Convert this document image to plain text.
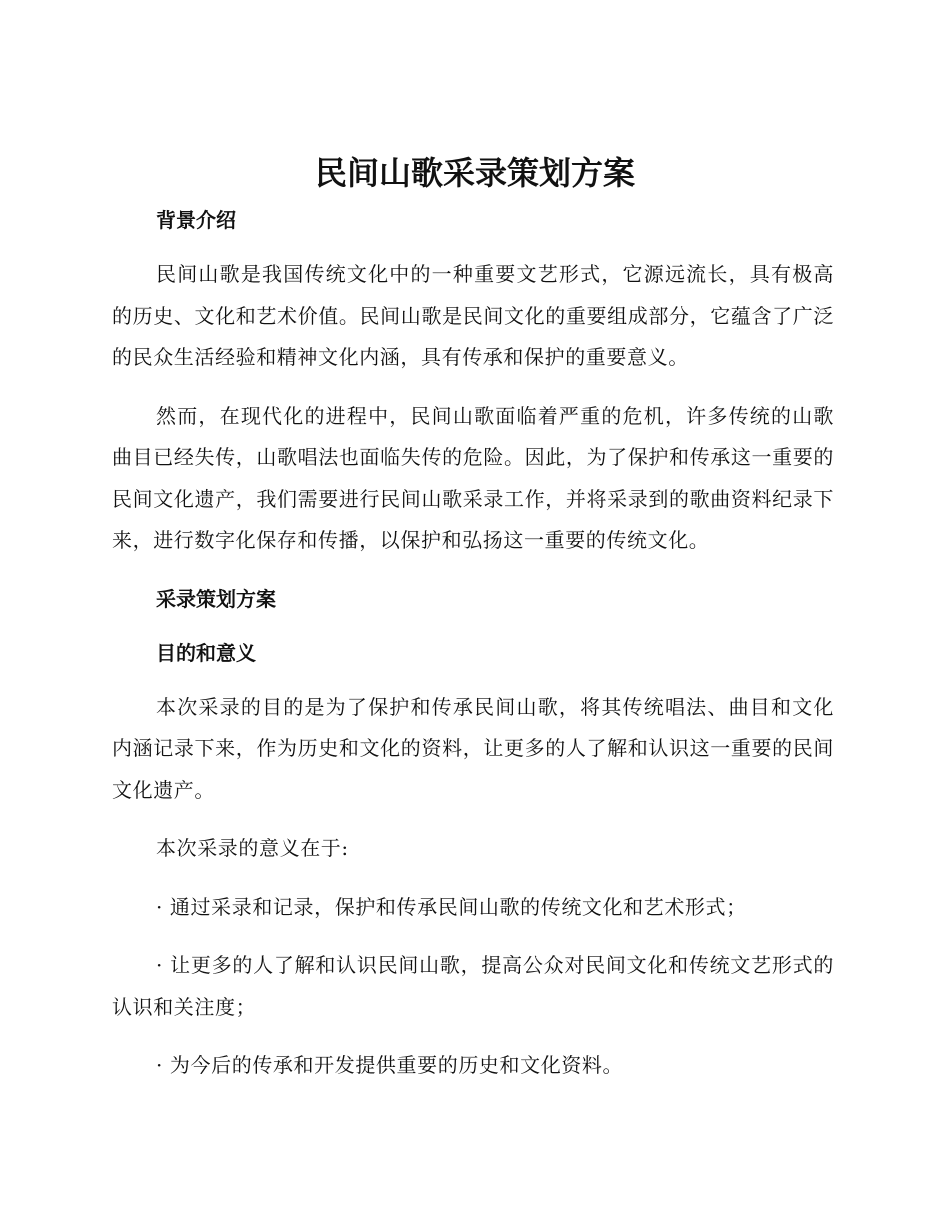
民间山歌采录策划方案
背景介绍

民间山歌是我国传统文化中的一种重要文艺形式，它源远流长，具有极高的历史、文化和艺术价值。民间山歌是民间文化的重要组成部分，它蕴含了广泛的民众生活经验和精神文化内涵，具有传承和保护的重要意义。

然而，在现代化的进程中，民间山歌面临着严重的危机，许多传统的山歌曲目已经失传，山歌唱法也面临失传的危险。因此，为了保护和传承这一重要的民间文化遗产，我们需要进行民间山歌采录工作，并将采录到的歌曲资料纪录下来，进行数字化保存和传播，以保护和弘扬这一重要的传统文化。

采录策划方案
目的和意义

本次采录的目的是为了保护和传承民间山歌，将其传统唱法、曲目和文化内涵记录下来，作为历史和文化的资料，让更多的人了解和认识这一重要的民间文化遗产。

本次采录的意义在于:

· 通过采录和记录，保护和传承民间山歌的传统文化和艺术形式；

· 让更多的人了解和认识民间山歌，提高公众对民间文化和传统文艺形式的认识和关注度；

· 为今后的传承和开发提供重要的历史和文化资料。
